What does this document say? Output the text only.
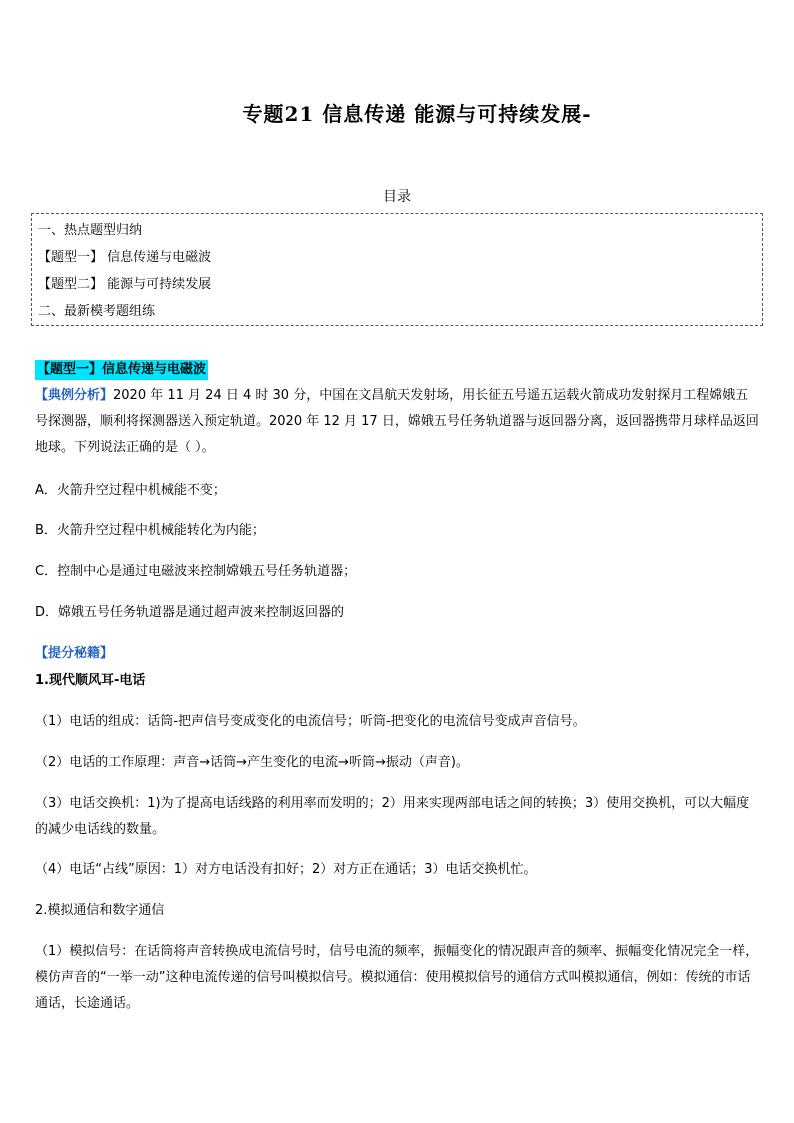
专题21 信息传递 能源与可持续发展-
目录
一、热点题型归纳
【题型一】 信息传递与电磁波
【题型二】 能源与可持续发展
二、最新模考题组练
【题型一】信息传递与电磁波
【典例分析】2020 年 11 月 24 日 4 时 30 分，中国在文昌航天发射场，用长征五号遥五运载火箭成功发射探月工程嫦娥五号探测器，顺利将探测器送入预定轨道。2020 年 12 月 17 日，嫦娥五号任务轨道器与返回器分离，返回器携带月球样品返回地球。下列说法正确的是（ ）。
A．火箭升空过程中机械能不变；
B．火箭升空过程中机械能转化为内能；
C．控制中心是通过电磁波来控制嫦娥五号任务轨道器；
D．嫦娥五号任务轨道器是通过超声波来控制返回器的
【提分秘籍】
1.现代顺风耳-电话
（1）电话的组成：话筒-把声信号变成变化的电流信号；听筒-把变化的电流信号变成声音信号。
（2）电话的工作原理：声音→话筒→产生变化的电流→听筒→振动（声音)。
（3）电话交换机：1)为了提高电话线路的利用率而发明的；2）用来实现两部电话之间的转换；3）使用交换机，可以大幅度的减少电话线的数量。
（4）电话“占线”原因：1）对方电话没有扣好；2）对方正在通话；3）电话交换机忙。
2.模拟通信和数字通信
（1）模拟信号：在话筒将声音转换成电流信号时，信号电流的频率，振幅变化的情况跟声音的频率、振幅变化情况完全一样，模仿声音的“一举一动”这种电流传递的信号叫模拟信号。模拟通信：使用模拟信号的通信方式叫模拟通信，例如：传统的市话通话，长途通话。
